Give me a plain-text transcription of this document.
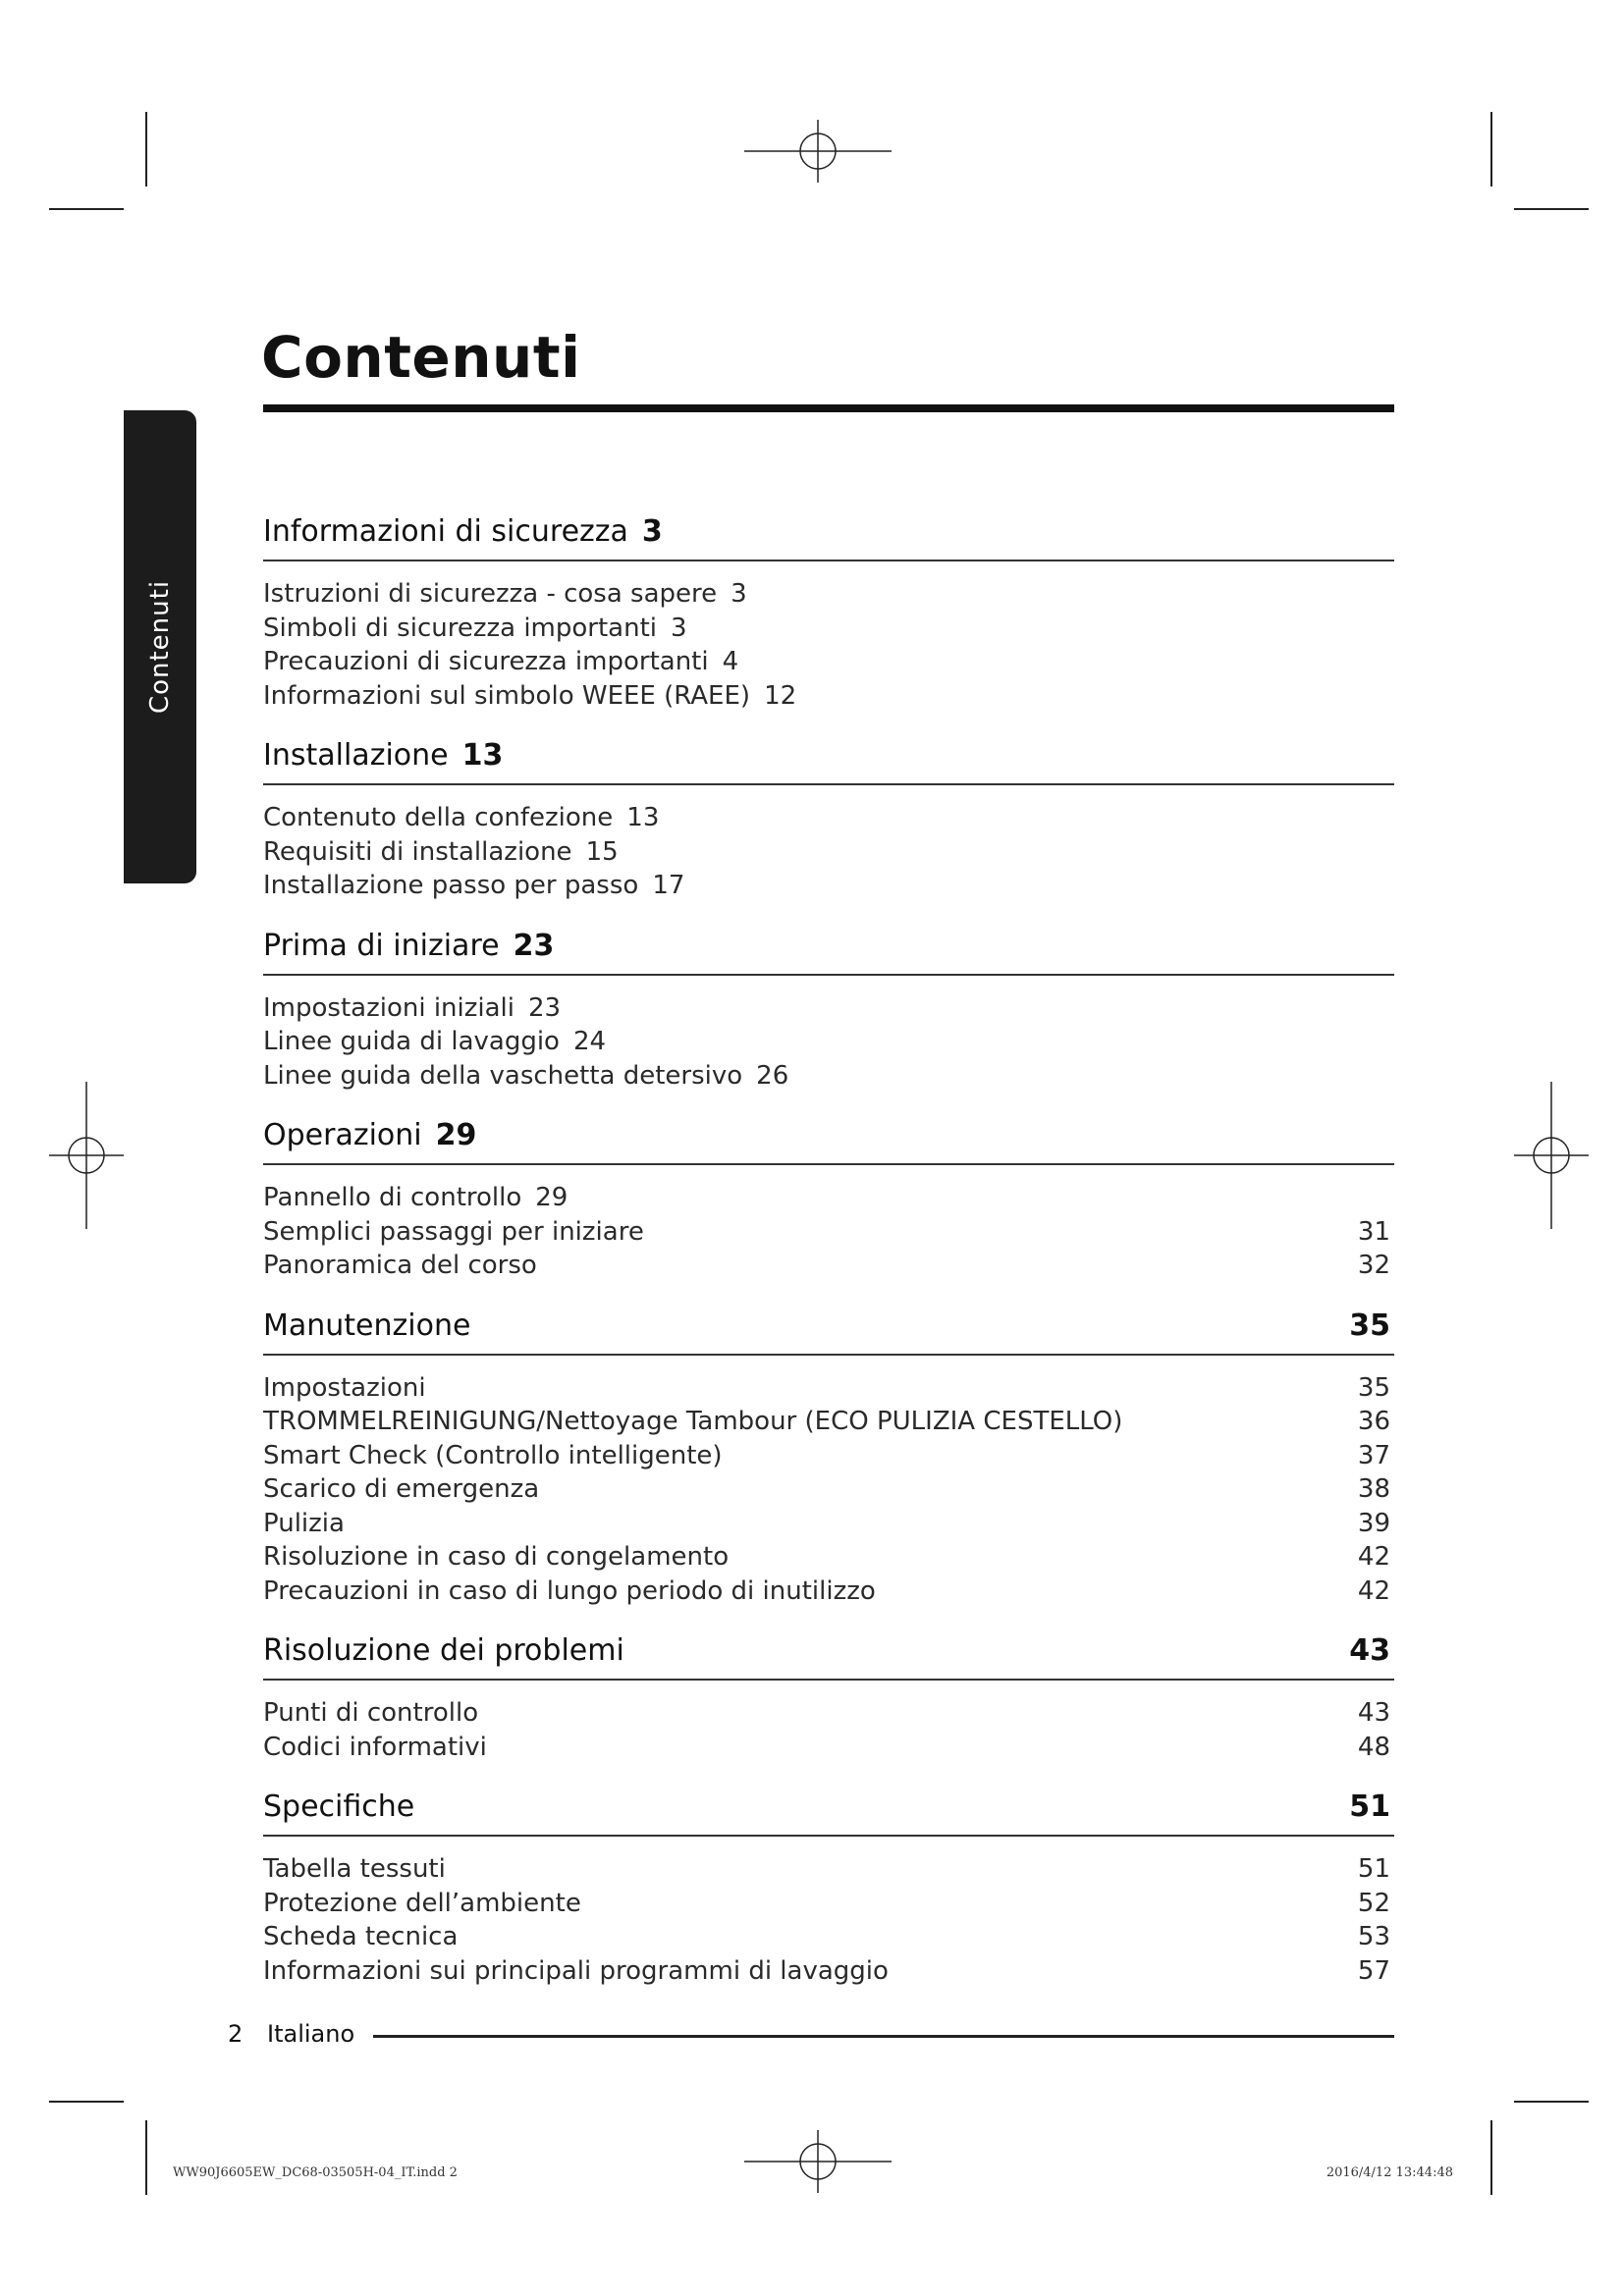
Contenuti
Contenuti
Informazioni di sicurezza 3
Istruzioni di sicurezza - cosa sapere 3
Simboli di sicurezza importanti 3
Precauzioni di sicurezza importanti 4
Informazioni sul simbolo WEEE (RAEE) 12
Installazione 13
Contenuto della confezione 13
Requisiti di installazione 15
Installazione passo per passo 17
Prima di iniziare 23
Impostazioni iniziali 23
Linee guida di lavaggio 24
Linee guida della vaschetta detersivo 26
Operazioni 29
Pannello di controllo 29
Semplici passaggi per iniziare	31
Panoramica del corso	32
Manutenzione	35
Impostazioni	35
TROMMELREINIGUNG/Nettoyage Tambour (ECO PULIZIA CESTELLO)	36
Smart Check (Controllo intelligente)	37
Scarico di emergenza	38
Pulizia	39
Risoluzione in caso di congelamento	42
Precauzioni in caso di lungo periodo di inutilizzo	42
Risoluzione dei problemi	43
Punti di controllo	43
Codici informativi	48
Specifiche	51
Tabella tessuti	51
Protezione dell’ambiente	52
Scheda tecnica	53
Informazioni sui principali programmi di lavaggio	57
2 Italiano
WW90J6605EW_DC68-03505H-04_IT.indd 2	2016/4/12 13:44:48
